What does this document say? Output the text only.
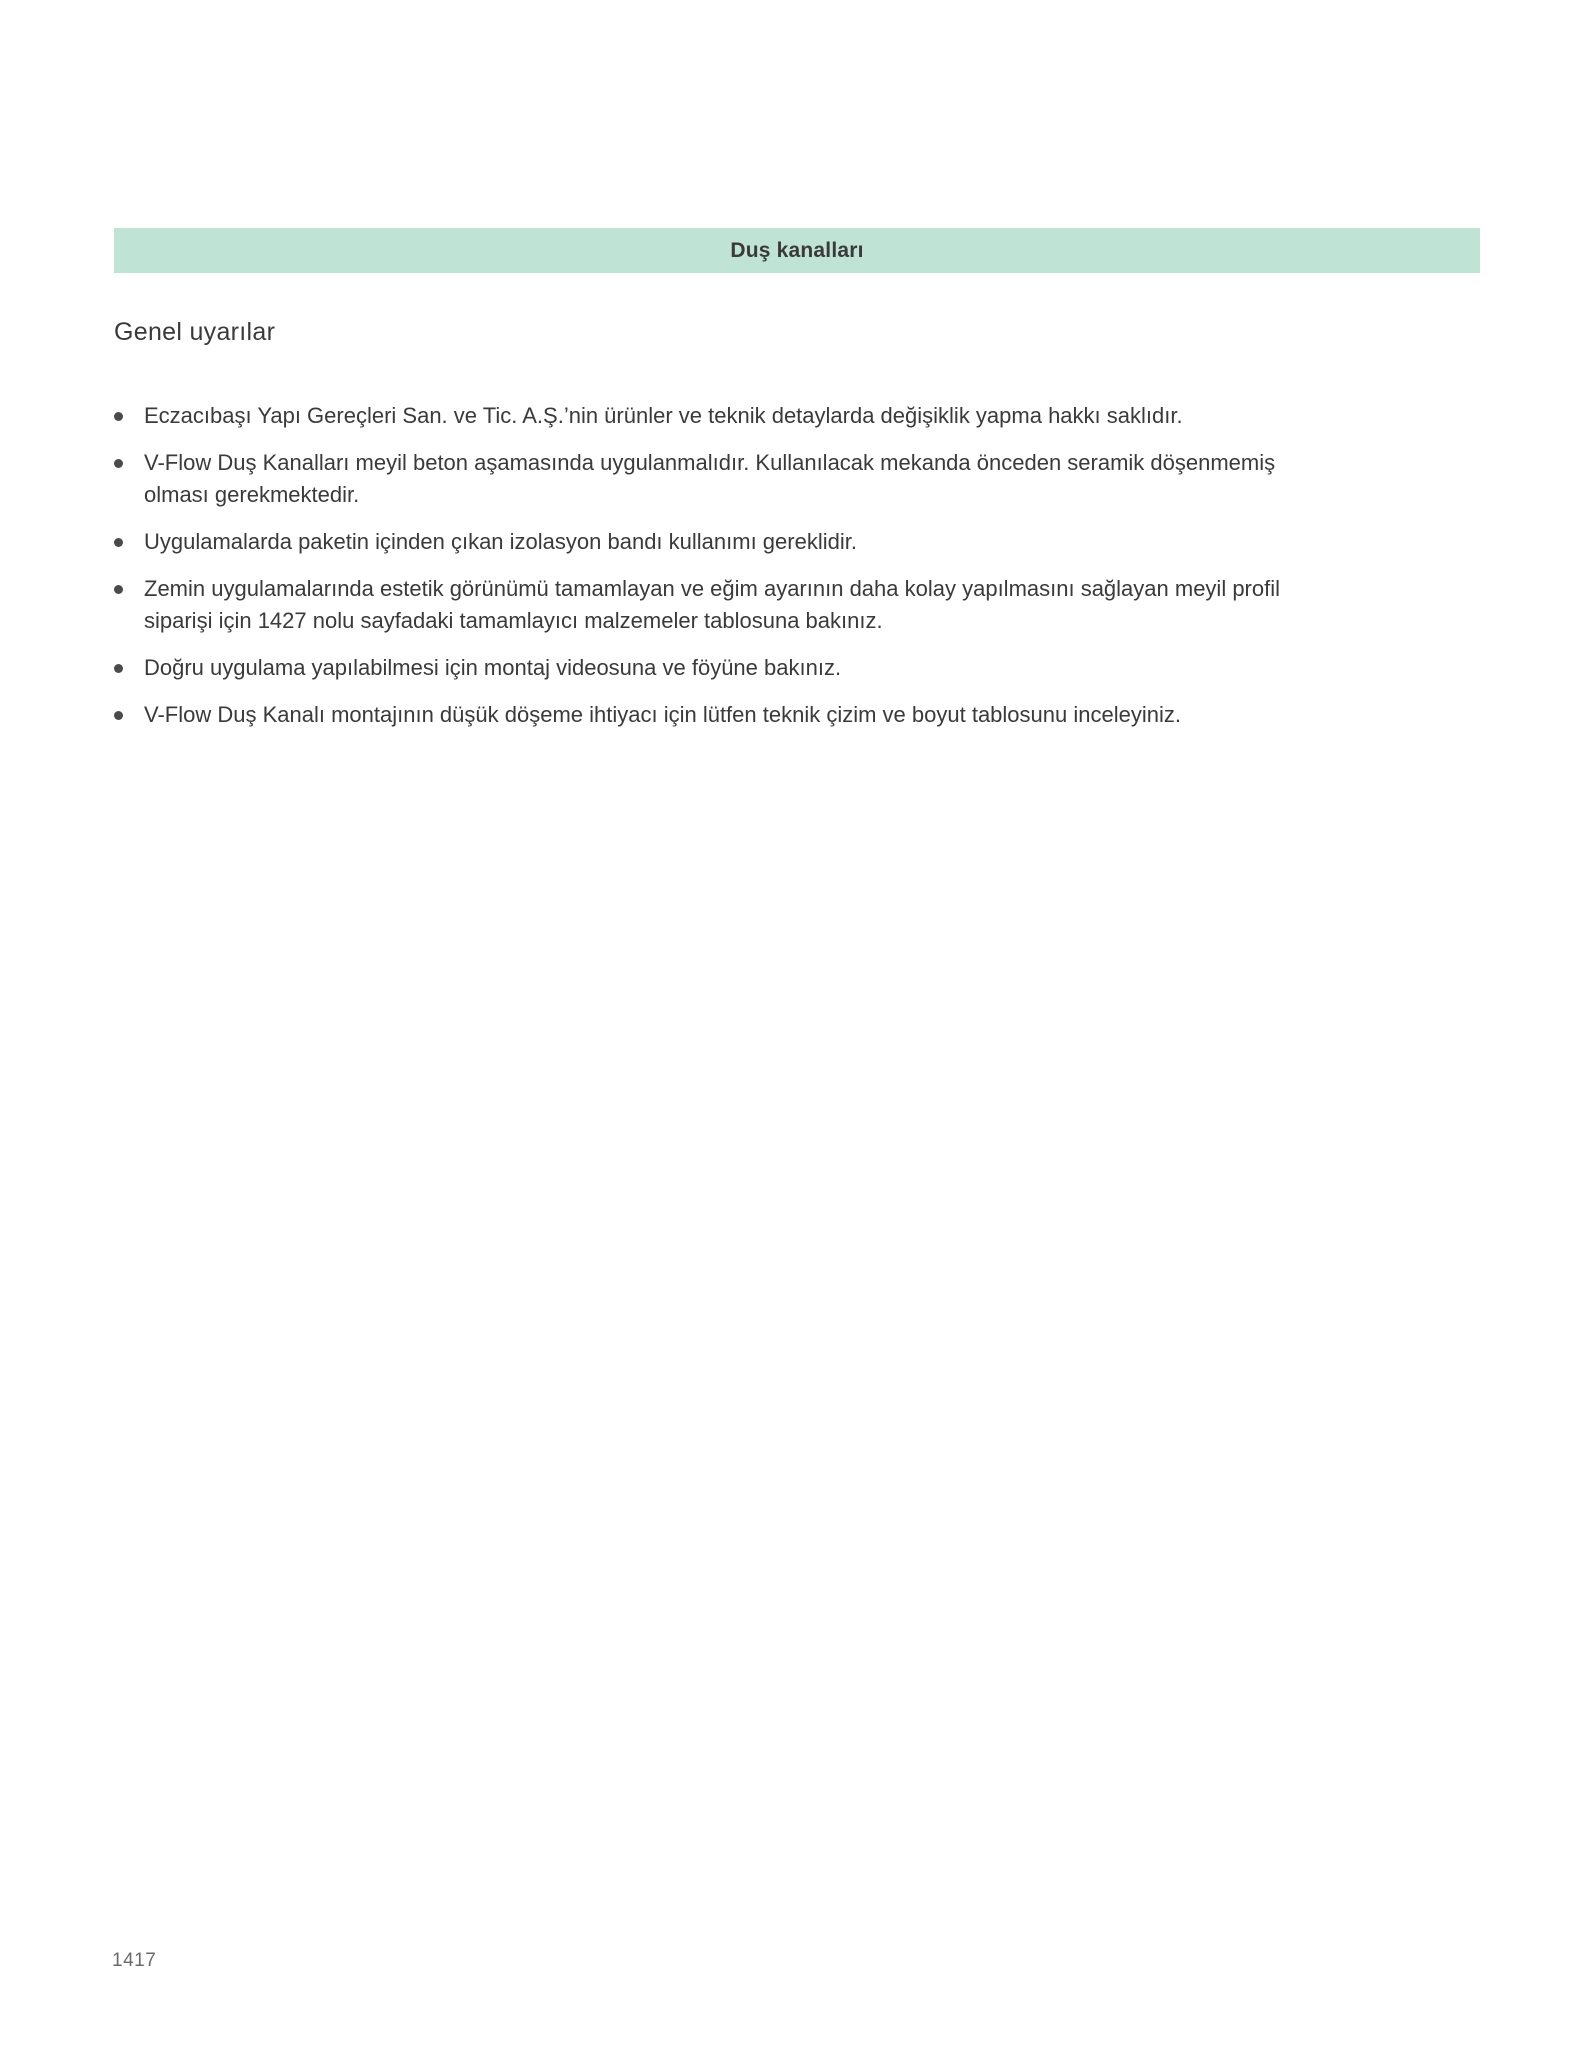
Duş kanalları
Genel uyarılar
Eczacıbaşı Yapı Gereçleri San. ve Tic. A.Ş.’nin ürünler ve teknik detaylarda değişiklik yapma hakkı saklıdır.
V-Flow Duş Kanalları meyil beton aşamasında uygulanmalıdır. Kullanılacak mekanda önceden seramik döşenmemiş olması gerekmektedir.
Uygulamalarda paketin içinden çıkan izolasyon bandı kullanımı gereklidir.
Zemin uygulamalarında estetik görünümü tamamlayan ve eğim ayarının daha kolay yapılmasını sağlayan meyil profil siparişi için 1427 nolu sayfadaki tamamlayıcı malzemeler tablosuna bakınız.
Doğru uygulama yapılabilmesi için montaj videosuna ve föyüne bakınız.
V-Flow Duş Kanalı montajının düşük döşeme ihtiyacı için lütfen teknik çizim ve boyut tablosunu inceleyiniz.
1417
